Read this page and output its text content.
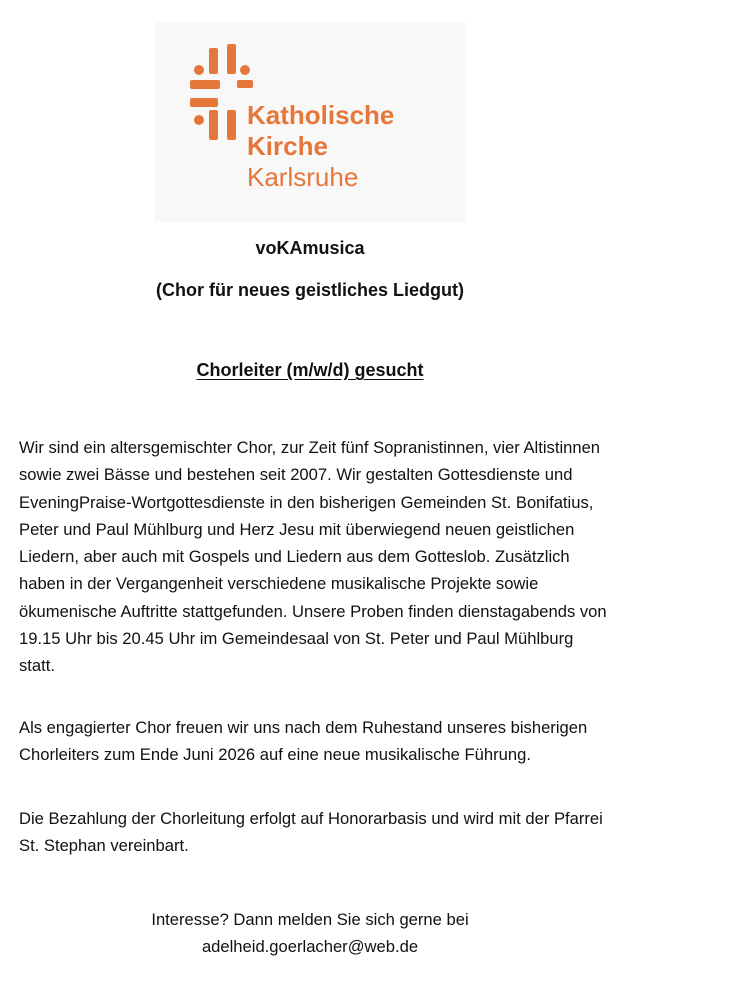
Katholische
Kirche
Karlsruhe
voKAmusica
(Chor für neues geistliches Liedgut)
Chorleiter (m/w/d) gesucht

Wir sind ein altersgemischter Chor, zur Zeit fünf Sopranistinnen, vier Altistinnen sowie zwei Bässe und bestehen seit 2007. Wir gestalten Gottesdienste und EveningPraise-Wortgottesdienste in den bisherigen Gemeinden St. Bonifatius, Peter und Paul Mühlburg und Herz Jesu mit überwiegend neuen geistlichen Liedern, aber auch mit Gospels und Liedern aus dem Gotteslob. Zusätzlich haben in der Vergangenheit verschiedene musikalische Projekte sowie ökumenische Auftritte stattgefunden. Unsere Proben finden dienstagabends von 19.15 Uhr bis 20.45 Uhr im Gemeindesaal von St. Peter und Paul Mühlburg statt.

Als engagierter Chor freuen wir uns nach dem Ruhestand unseres bisherigen Chorleiters zum Ende Juni 2026 auf eine neue musikalische Führung.

Die Bezahlung der Chorleitung erfolgt auf Honorarbasis und wird mit der Pfarrei St. Stephan vereinbart.

Interesse? Dann melden Sie sich gerne bei
adelheid.goerlacher@web.de
